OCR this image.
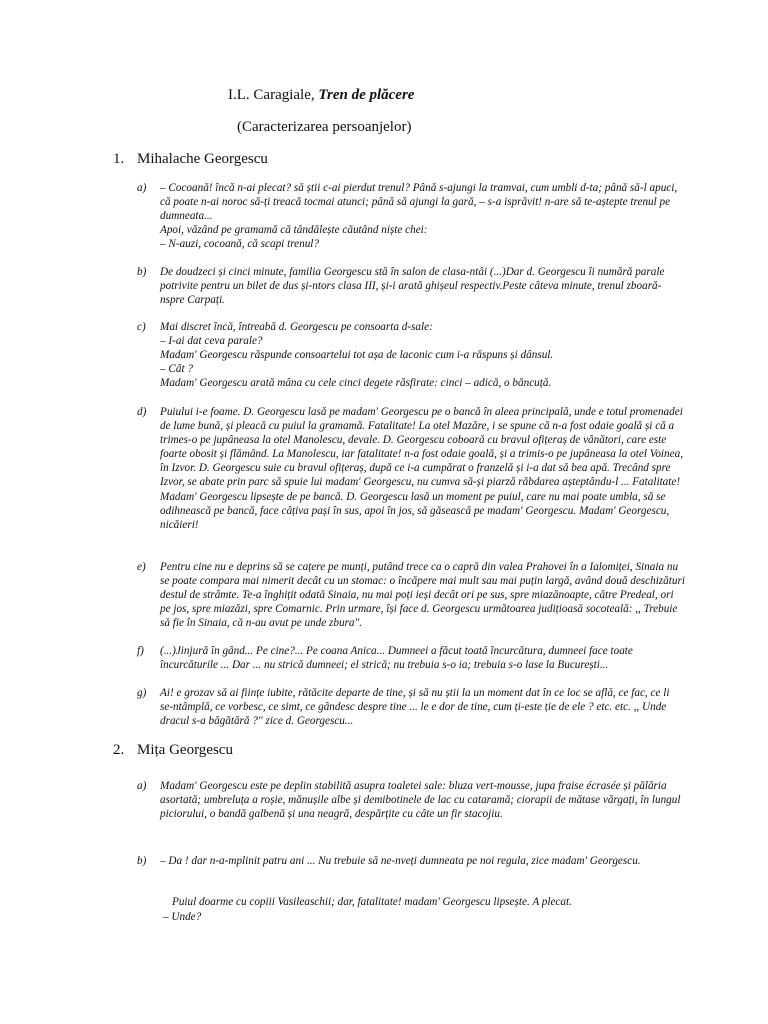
I.L. Caragiale, Tren de plăcere
(Caracterizarea persoanjelor)
1. Mihalache Georgescu
a) – Cocoană! încă n-ai plecat? să știi c-ai pierdut trenul? Până s-ajungi la tramvai, cum umbli d-ta; până să-l apuci, că poate n-ai noroc să-ți treacă tocmai atunci; până să ajungi la gară, – s-a isprăvit! n-are să te-aștepte trenul pe dumneata...

Apoi, văzând pe gramamă că tândălește căutând niște chei:

– N-auzi, cocoană, că scapi trenul?

b) De doudzeci și cinci minute, familia Georgescu stă în salon de clasa-ntâi (...)Dar d. Georgescu îi numără parale potrivite pentru un bilet de dus și-ntors clasa III, și-i arată ghișeul respectiv.Peste câteva minute, trenul zboară-nspre Carpați.

c) Mai discret încă, întreabă d. Georgescu pe consoarta d-sale:

– I-ai dat ceva parale?

Madam' Georgescu răspunde consoartelui tot așa de laconic cum i-a răspuns și dânsul.

– Cât ?

Madam' Georgescu arată mâna cu cele cinci degete răsfirate: cinci – adică, o băncuță.

d) Puiului i-e foame. D. Georgescu lasă pe madam' Georgescu pe o bancă în aleea principală, unde e totul promenadei de lume bună, și pleacă cu puiul la gramamă. Fatalitate! La otel Mazăre, i se spune că n-a fost odaie goală și că a trimes-o pe jupâneasa la otel Manolescu, devale. D. Georgescu coboară cu bravul ofițeraș de vânători, care este foarte obosit și flămând. La Manolescu, iar fatalitate! n-a fost odaie goală, și a trimis-o pe jupâneasa la otel Voinea, în Izvor. D. Georgescu suie cu bravul ofițeraș, după ce i-a cumpărat o franzelă și i-a dat să bea apă. Trecând spre Izvor, se abate prin parc să spuie lui madam' Georgescu, nu cumva să-și piarză răbdarea așteptându-l ... Fatalitate! Madam' Georgescu lipsește de pe bancă. D. Georgescu lasă un moment pe puiul, care nu mai poate umbla, să se odihnească pe bancă, face câțiva pași în sus, apoi în jos, să găsească pe madam' Georgescu. Madam' Georgescu, nicăieri!

e) Pentru cine nu e deprins să se cațere pe munți, putând trece ca o capră din valea Prahovei în a Ialomiței, Sinaia nu se poate compara mai nimerit decât cu un stomac: o încăpere mai mult sau mai puțin largă, având două deschizături destul de strâmte. Te-a înghițit odată Sinaia, nu mai poți ieși decât ori pe sus, spre miazănoapte, către Predeal, ori pe jos, spre miazăzi, spre Comarnic. Prin urmare, își face d. Georgescu următoarea judițioasă socoteală: ,, Trebuie să fie în Sinaia, că n-au avut pe unde zbura''.

f) (...)Jinjură în gând... Pe cine?... Pe coana Anica... Dumneei a făcut toată încurcătura, dumneei face toate încurcăturile ... Dar ... nu strică dumneei; el strică; nu trebuia s-o ia; trebuia s-o lase la București...

g) Ai! e grozav să ai ființe iubite, rătăcite departe de tine, și să nu știi la un moment dat în ce loc se află, ce fac, ce li se-ntâmplă, ce vorbesc, ce simt, ce gândesc despre tine ... le e dor de tine, cum ți-este ție de ele ? etc. etc. ,, Unde dracul s-a băgătără ?'' zice d. Georgescu...

2. Mița Georgescu
a) Madam' Georgescu este pe deplin stabilită asupra toaletei sale: bluza vert-mousse, jupa fraise écrasée și pălăria asortată; umbreluța a roșie, mănușile albe și demibotinele de lac cu cataramă; ciorapii de mătase vărgați, în lungul piciorului, o bandă galbenă și una neagră, despărțite cu câte un fir stacojiu.

b) – Da ! dar n-a-mplinit patru ani ... Nu trebuie să ne-nveți dumneata pe noi regula, zice madam' Georgescu.

Puiul doarme cu copiii Vasileaschii; dar, fatalitate! madam' Georgescu lipsește. A plecat.
– Unde?
